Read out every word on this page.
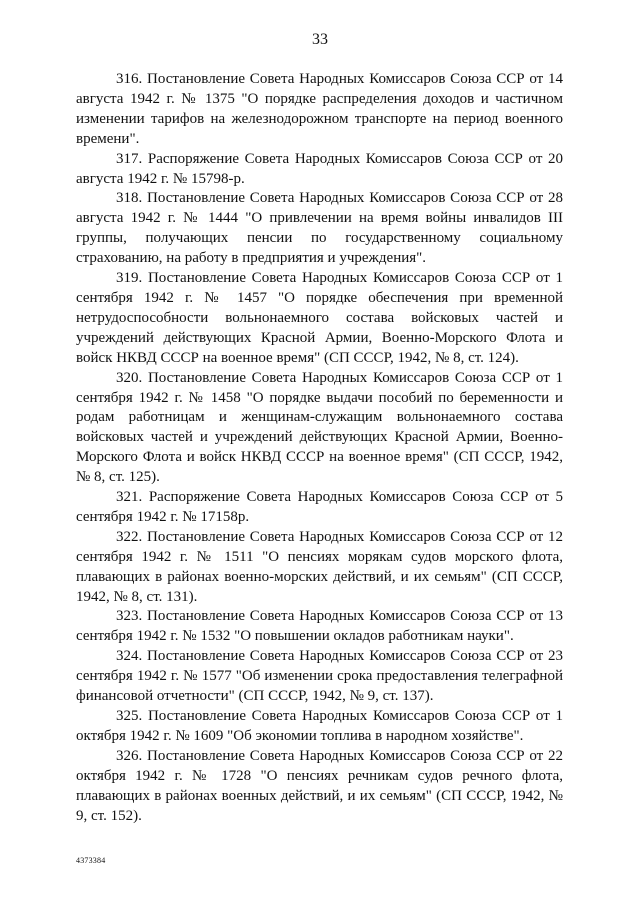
33

316. Постановление Совета Народных Комиссаров Союза ССР от 14 августа 1942 г. № 1375 "О порядке распределения доходов и частичном изменении тарифов на железнодорожном транспорте на период военного времени".

317. Распоряжение Совета Народных Комиссаров Союза ССР от 20 августа 1942 г. № 15798-р.

318. Постановление Совета Народных Комиссаров Союза ССР от 28 августа 1942 г. № 1444 "О привлечении на время войны инвалидов III группы, получающих пенсии по государственному социальному страхованию, на работу в предприятия и учреждения".

319. Постановление Совета Народных Комиссаров Союза ССР от 1 сентября 1942 г. № 1457 "О порядке обеспечения при временной нетрудоспособности вольнонаемного состава войсковых частей и учреждений действующих Красной Армии, Военно-Морского Флота и войск НКВД СССР на военное время" (СП СССР, 1942, № 8, ст. 124).

320. Постановление Совета Народных Комиссаров Союза ССР от 1 сентября 1942 г. № 1458 "О порядке выдачи пособий по беременности и родам работницам и женщинам-служащим вольнонаемного состава войсковых частей и учреждений действующих Красной Армии, Военно-Морского Флота и войск НКВД СССР на военное время" (СП СССР, 1942, № 8, ст. 125).

321. Распоряжение Совета Народных Комиссаров Союза ССР от 5 сентября 1942 г. № 17158р.

322. Постановление Совета Народных Комиссаров Союза ССР от 12 сентября 1942 г. № 1511 "О пенсиях морякам судов морского флота, плавающих в районах военно-морских действий, и их семьям" (СП СССР, 1942, № 8, ст. 131).

323. Постановление Совета Народных Комиссаров Союза ССР от 13 сентября 1942 г. № 1532 "О повышении окладов работникам науки".

324. Постановление Совета Народных Комиссаров Союза ССР от 23 сентября 1942 г. № 1577 "Об изменении срока предоставления телеграфной финансовой отчетности" (СП СССР, 1942, № 9, ст. 137).

325. Постановление Совета Народных Комиссаров Союза ССР от 1 октября 1942 г. № 1609 "Об экономии топлива в народном хозяйстве".

326. Постановление Совета Народных Комиссаров Союза ССР от 22 октября 1942 г. № 1728 "О пенсиях речникам судов речного флота, плавающих в районах военных действий, и их семьям" (СП СССР, 1942, № 9, ст. 152).

4373384
